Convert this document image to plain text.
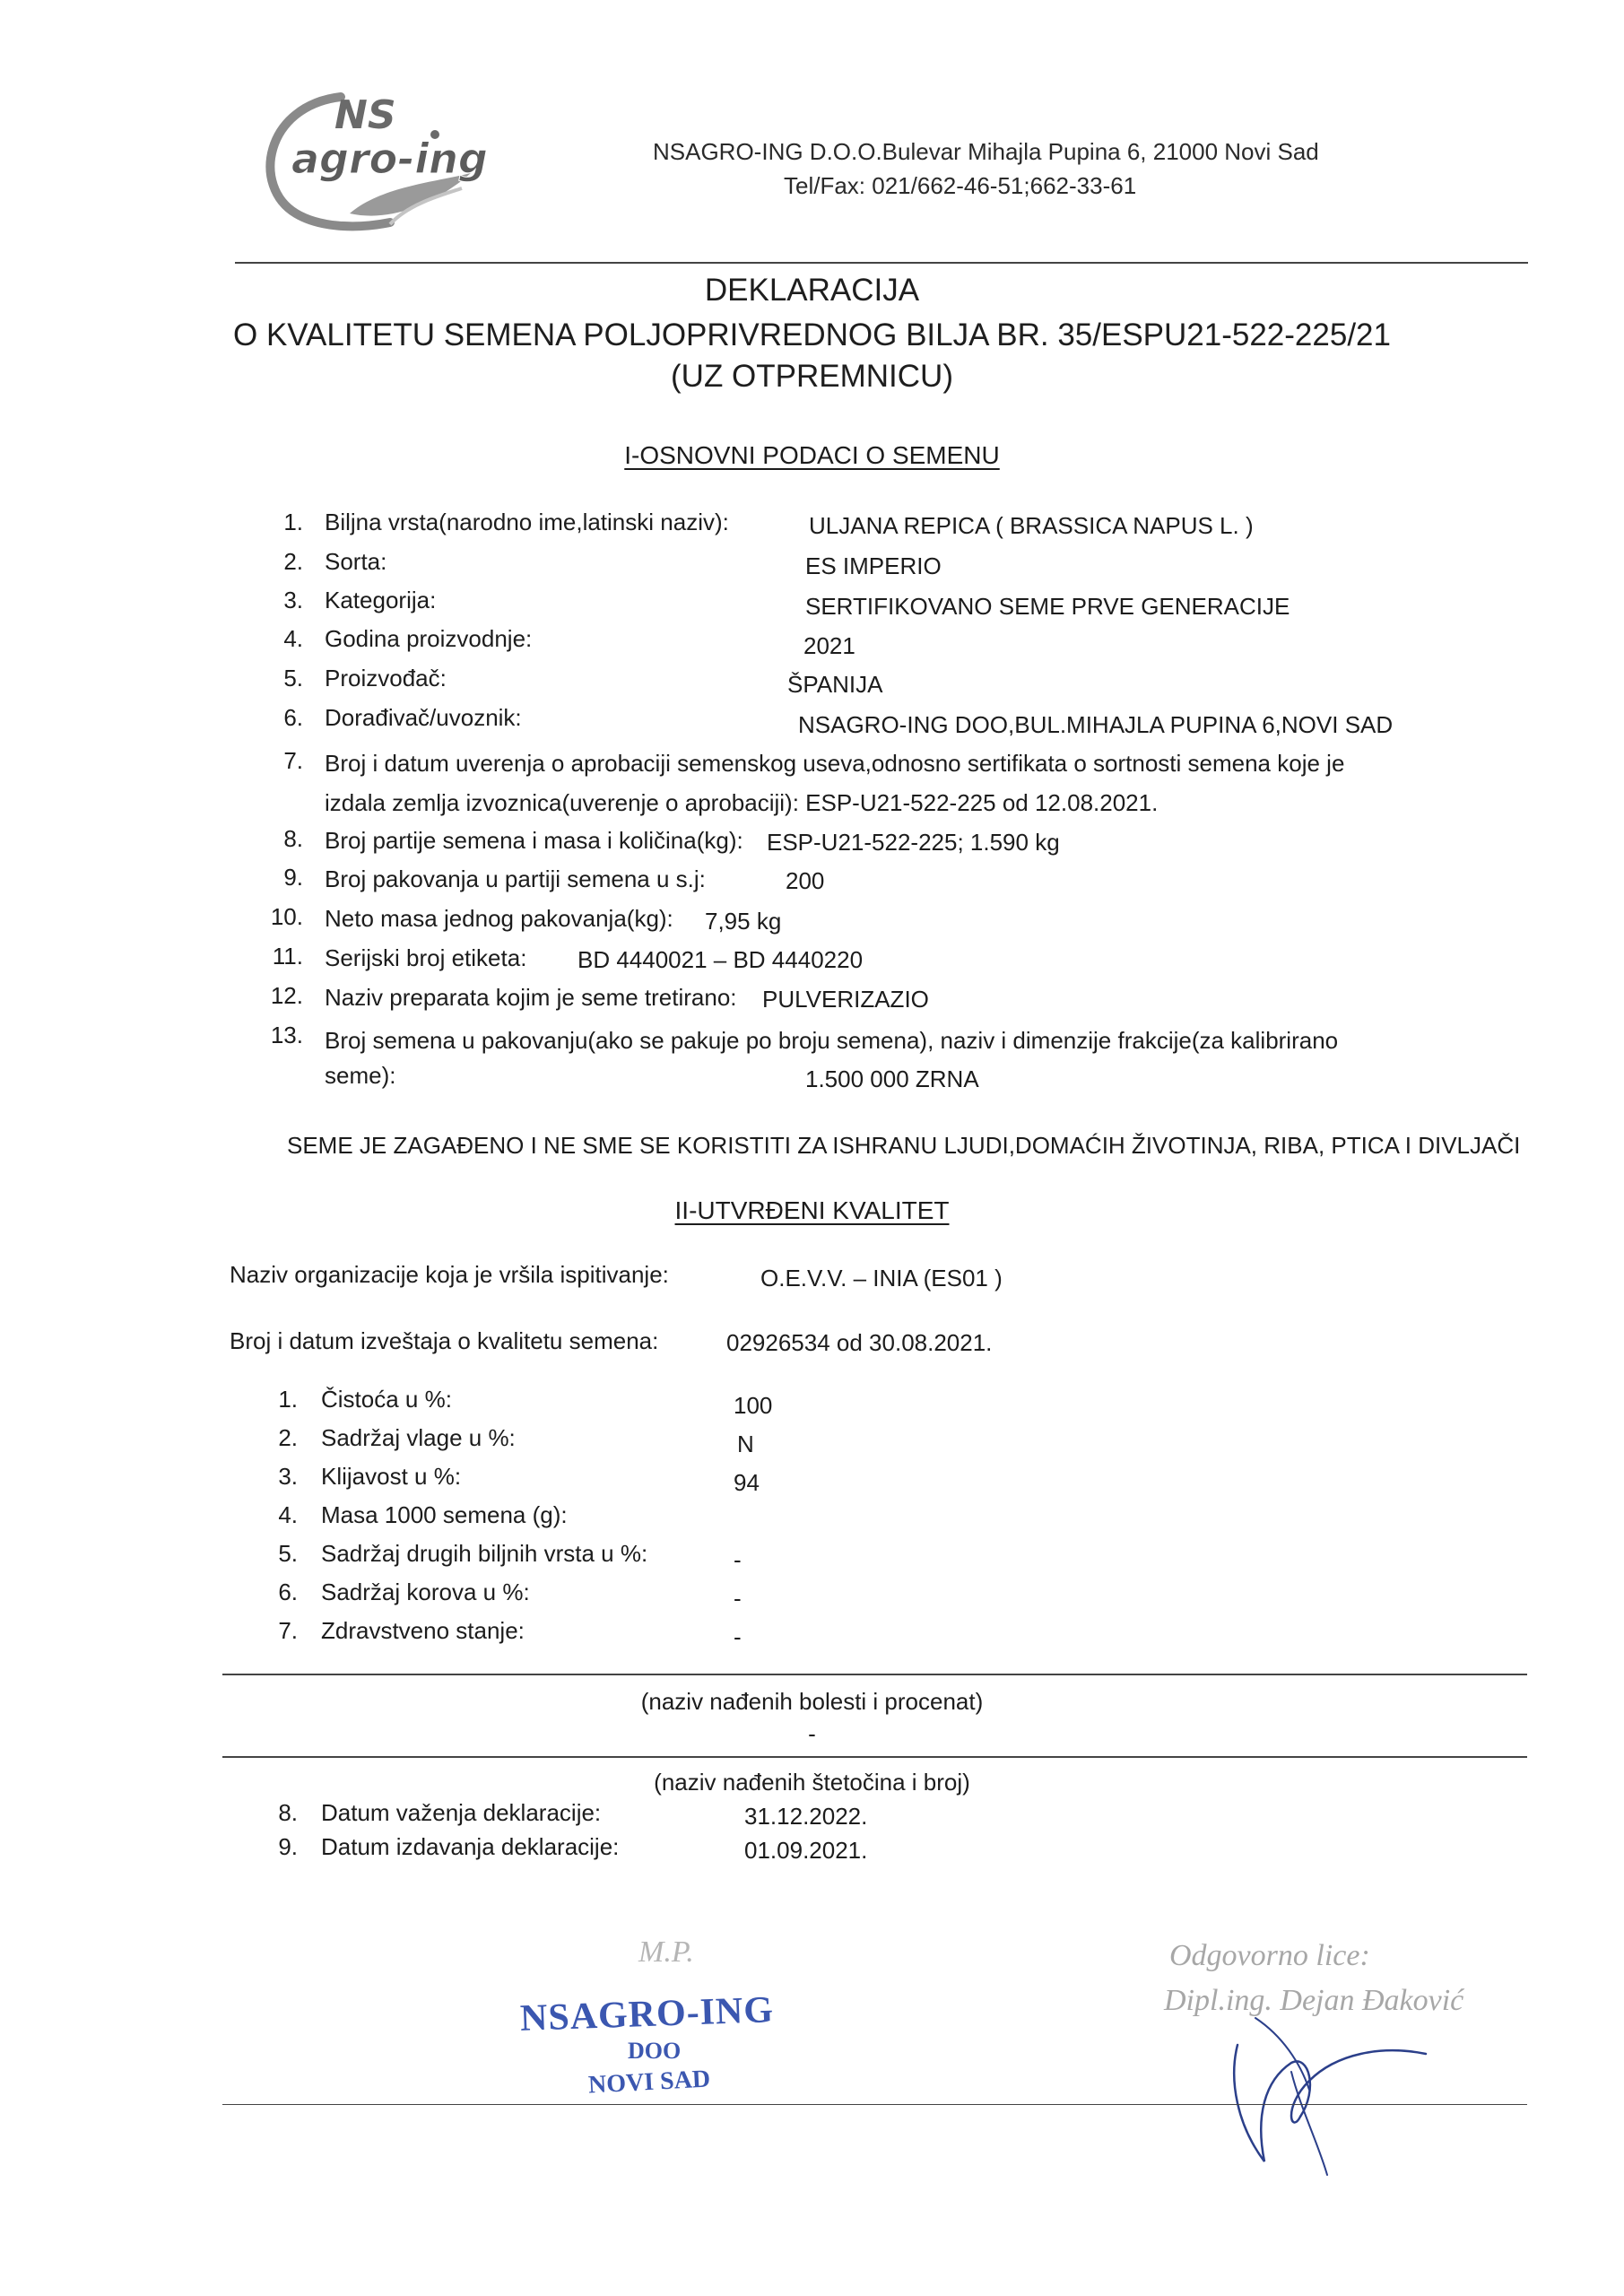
NS
agro-ing	NSAGRO-ING D.O.O.Bulevar Mihajla Pupina 6, 21000 Novi Sad
Tel/Fax: 021/662-46-51;662-33-61
DEKLARACIJA
O KVALITETU SEMENA POLJOPRIVREDNOG BILJA BR. 35/ESPU21-522-225/21
(UZ OTPREMNICU)
I-OSNOVNI PODACI O SEMENU
1. Biljna vrsta(narodno ime,latinski naziv):	ULJANA REPICA ( BRASSICA NAPUS L. )
2. Sorta:	ES IMPERIO
3. Kategorija:	SERTIFIKOVANO SEME PRVE GENERACIJE
4. Godina proizvodnje:	2021
5. Proizvođač:	ŠPANIJA
6. Dorađivač/uvoznik:	NSAGRO-ING DOO,BUL.MIHAJLA PUPINA 6,NOVI SAD
7. Broj i datum uverenja o aprobaciji semenskog useva,odnosno sertifikata o sortnosti semena koje je
izdala zemlja izvoznica(uverenje o aprobaciji): ESP-U21-522-225 od 12.08.2021.
8. Broj partije semena i masa i količina(kg): ESP-U21-522-225; 1.590 kg
9. Broj pakovanja u partiji semena u s.j:	200
10. Neto masa jednog pakovanja(kg): 7,95 kg
11. Serijski broj etiketa: BD 4440021 – BD 4440220
12. Naziv preparata kojim je seme tretirano: PULVERIZAZIO
13. Broj semena u pakovanju(ako se pakuje po broju semena), naziv i dimenzije frakcije(za kalibrirano
seme):	1.500 000 ZRNA
SEME JE ZAGAĐENO I NE SME SE KORISTITI ZA ISHRANU LJUDI,DOMAĆIH ŽIVOTINJA, RIBA, PTICA I DIVLJAČI
II-UTVRĐENI KVALITET
Naziv organizacije koja je vršila ispitivanje:	O.E.V.V. – INIA (ES01 )
Broj i datum izveštaja o kvalitetu semena:	02926534 od 30.08.2021.
1. Čistoća u %:	100
2. Sadržaj vlage u %:	N
3. Klijavost u %:	94
4. Masa 1000 semena (g):
5. Sadržaj drugih biljnih vrsta u %:	-
6. Sadržaj korova u %:	-
7. Zdravstveno stanje:	-
(naziv nađenih bolesti i procenat)
-
(naziv nađenih štetočina i broj)
8. Datum važenja deklaracije:	31.12.2022.
9. Datum izdavanja deklaracije:	01.09.2021.
M.P.
NSAGRO-ING
DOO
NOVI SAD
Odgovorno lice:
Dipl.ing. Dejan Đaković
